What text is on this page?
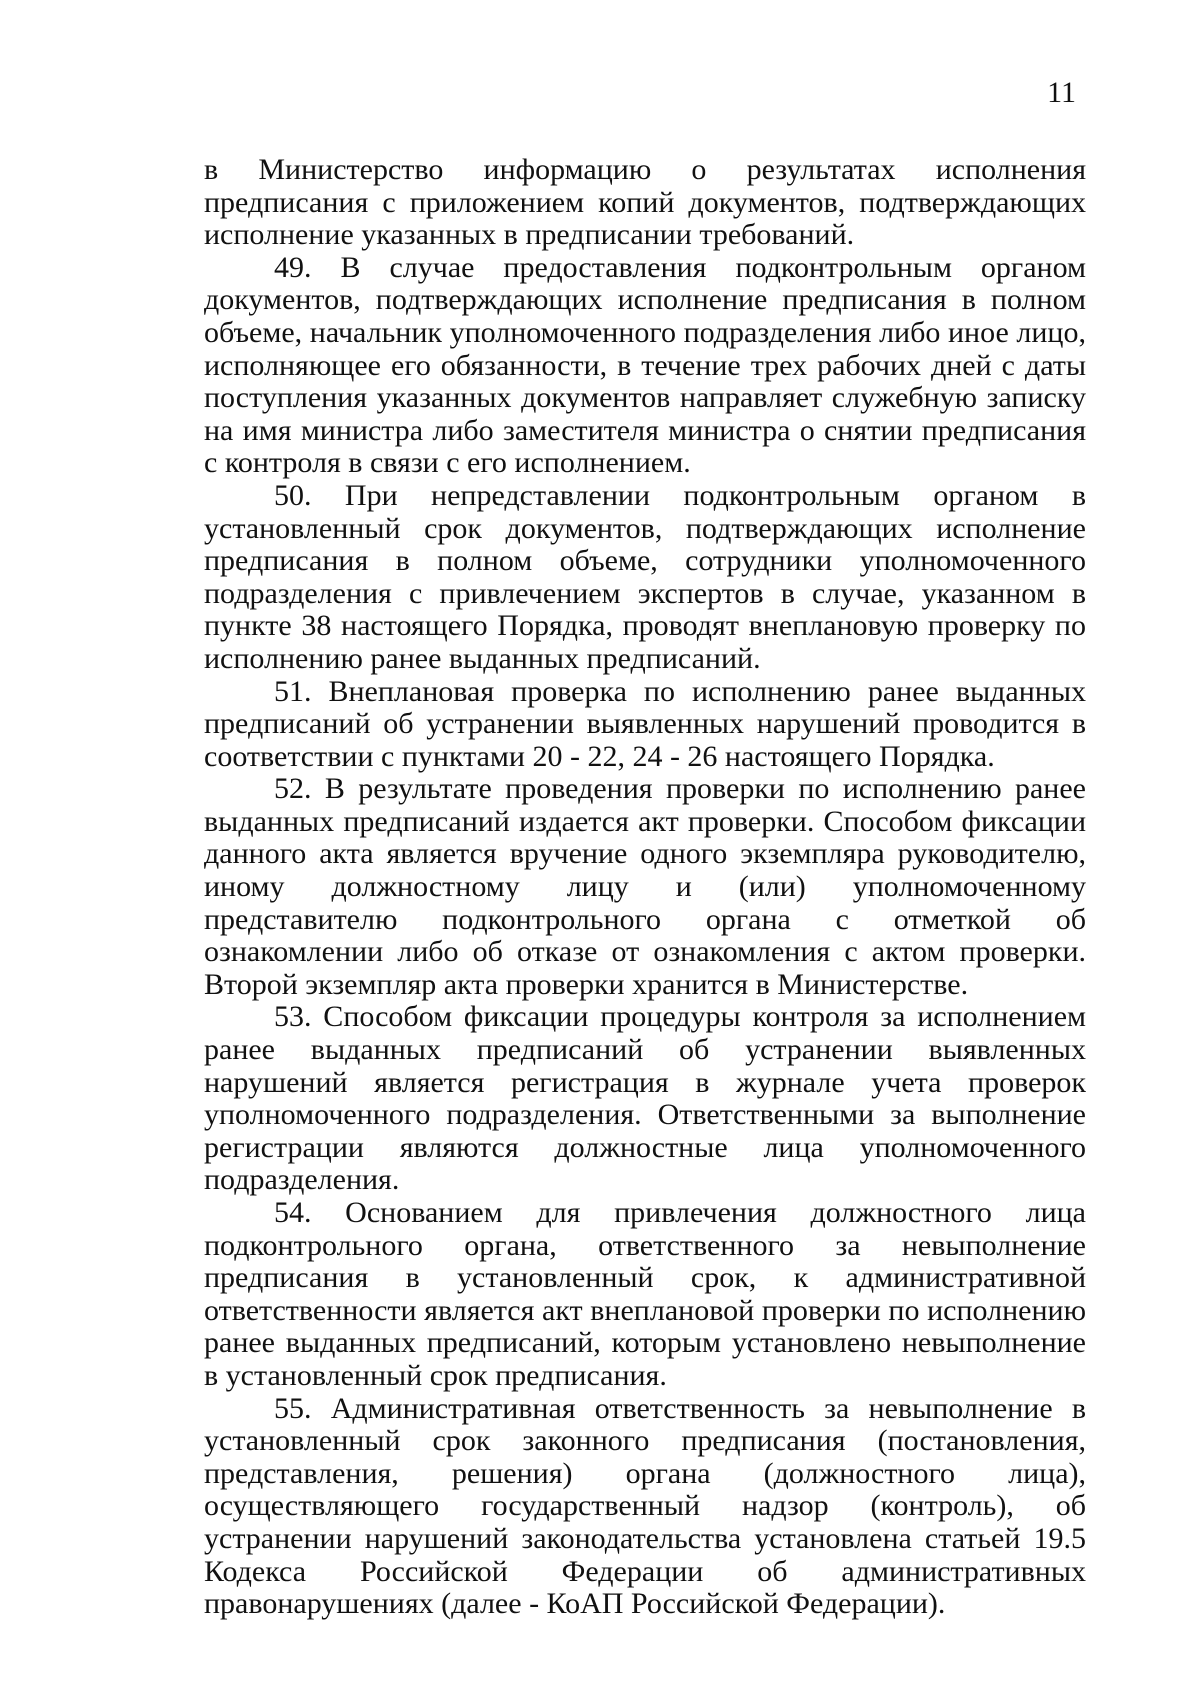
11

в Министерство информацию о результатах исполнения предписания с приложением копий документов, подтверждающих исполнение указанных в предписании требований.

49. В случае предоставления подконтрольным органом документов, подтверждающих исполнение предписания в полном объеме, начальник уполномоченного подразделения либо иное лицо, исполняющее его обязанности, в течение трех рабочих дней с даты поступления указанных документов направляет служебную записку на имя министра либо заместителя министра о снятии предписания с контроля в связи с его исполнением.

50. При непредставлении подконтрольным органом в установленный срок документов, подтверждающих исполнение предписания в полном объеме, сотрудники уполномоченного подразделения с привлечением экспертов в случае, указанном в пункте 38 настоящего Порядка, проводят внеплановую проверку по исполнению ранее выданных предписаний.

51. Внеплановая проверка по исполнению ранее выданных предписаний об устранении выявленных нарушений проводится в соответствии с пунктами 20 - 22, 24 - 26 настоящего Порядка.

52. В результате проведения проверки по исполнению ранее выданных предписаний издается акт проверки. Способом фиксации данного акта является вручение одного экземпляра руководителю, иному должностному лицу и (или) уполномоченному представителю подконтрольного органа с отметкой об ознакомлении либо об отказе от ознакомления с актом проверки. Второй экземпляр акта проверки хранится в Министерстве.

53. Способом фиксации процедуры контроля за исполнением ранее выданных предписаний об устранении выявленных нарушений является регистрация в журнале учета проверок уполномоченного подразделения. Ответственными за выполнение регистрации являются должностные лица уполномоченного подразделения.

54. Основанием для привлечения должностного лица подконтрольного органа, ответственного за невыполнение предписания в установленный срок, к административной ответственности является акт внеплановой проверки по исполнению ранее выданных предписаний, которым установлено невыполнение в установленный срок предписания.

55. Административная ответственность за невыполнение в установленный срок законного предписания (постановления, представления, решения) органа (должностного лица), осуществляющего государственный надзор (контроль), об устранении нарушений законодательства установлена статьей 19.5 Кодекса Российской Федерации об административных правонарушениях (далее - КоАП Российской Федерации).
